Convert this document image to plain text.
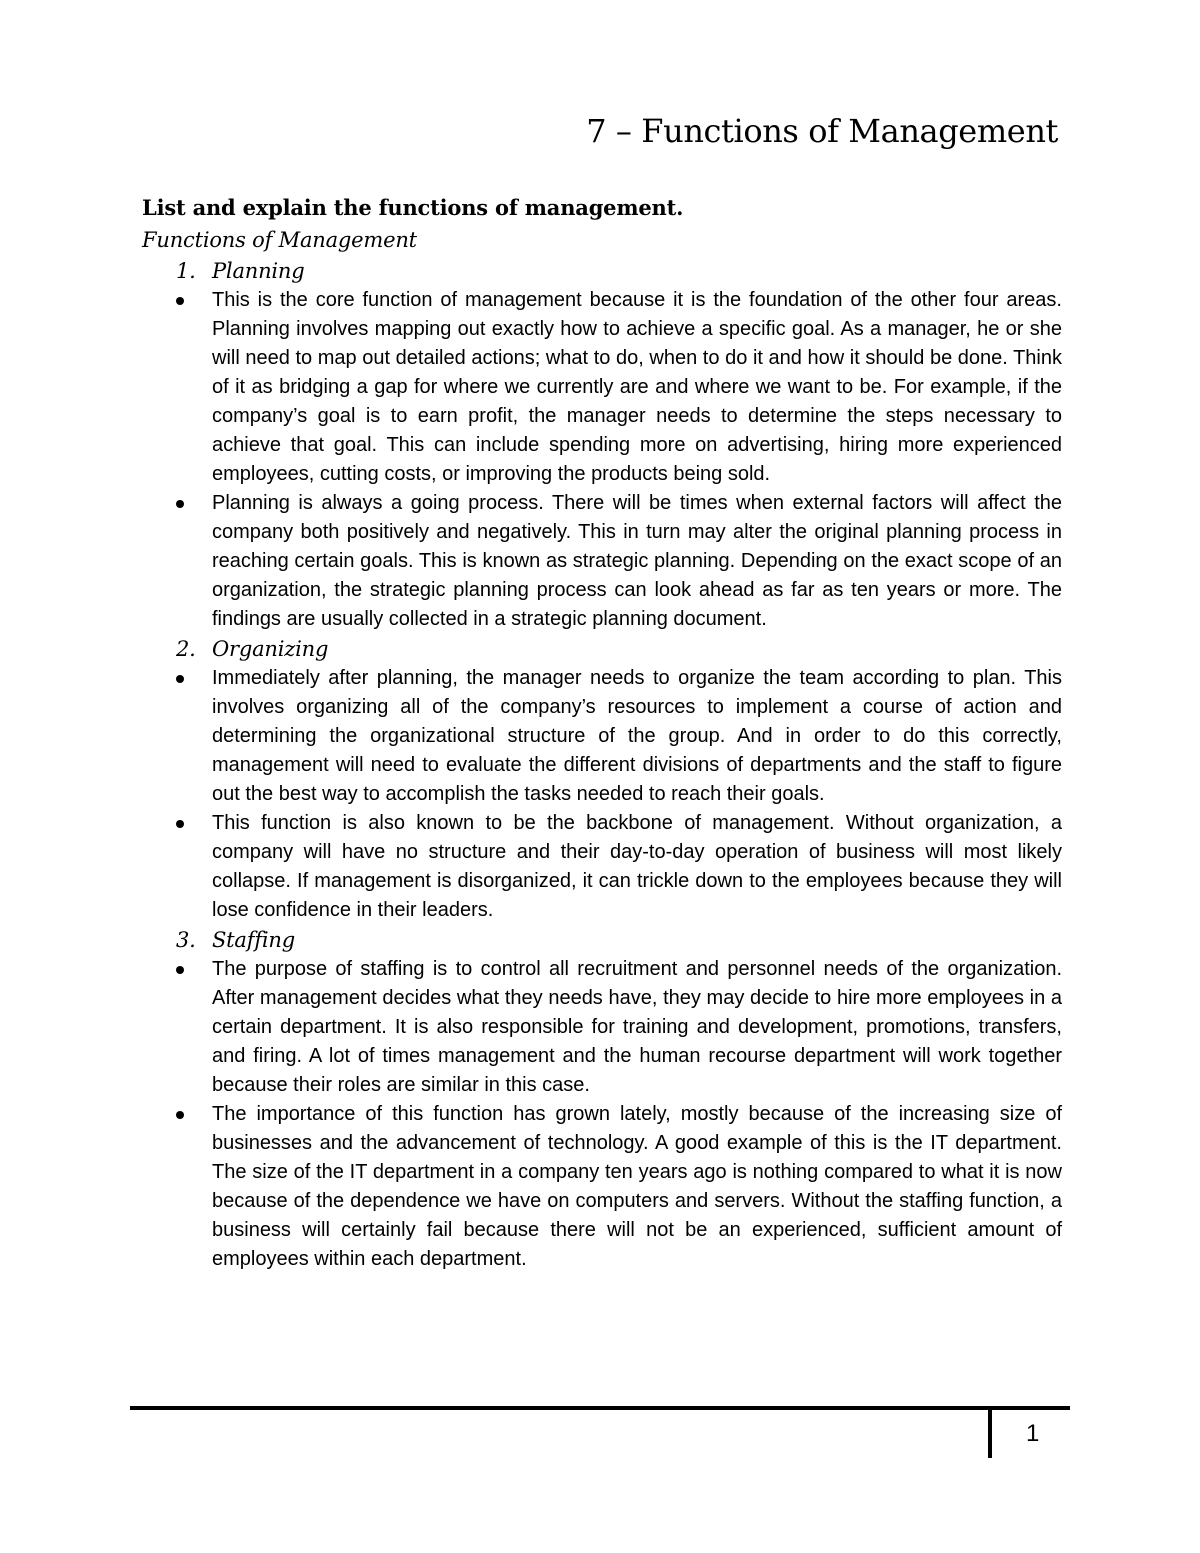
7 – Functions of Management
List and explain the functions of management.
Functions of Management
1. Planning
This is the core function of management because it is the foundation of the other four areas. Planning involves mapping out exactly how to achieve a specific goal. As a manager, he or she will need to map out detailed actions; what to do, when to do it and how it should be done. Think of it as bridging a gap for where we currently are and where we want to be. For example, if the company’s goal is to earn profit, the manager needs to determine the steps necessary to achieve that goal. This can include spending more on advertising, hiring more experienced employees, cutting costs, or improving the products being sold.
Planning is always a going process. There will be times when external factors will affect the company both positively and negatively. This in turn may alter the original planning process in reaching certain goals. This is known as strategic planning. Depending on the exact scope of an organization, the strategic planning process can look ahead as far as ten years or more. The findings are usually collected in a strategic planning document.
2. Organizing
Immediately after planning, the manager needs to organize the team according to plan. This involves organizing all of the company’s resources to implement a course of action and determining the organizational structure of the group. And in order to do this correctly, management will need to evaluate the different divisions of departments and the staff to figure out the best way to accomplish the tasks needed to reach their goals.
This function is also known to be the backbone of management. Without organization, a company will have no structure and their day-to-day operation of business will most likely collapse. If management is disorganized, it can trickle down to the employees because they will lose confidence in their leaders.
3. Staffing
The purpose of staffing is to control all recruitment and personnel needs of the organization. After management decides what they needs have, they may decide to hire more employees in a certain department. It is also responsible for training and development, promotions, transfers, and firing. A lot of times management and the human recourse department will work together because their roles are similar in this case.
The importance of this function has grown lately, mostly because of the increasing size of businesses and the advancement of technology. A good example of this is the IT department. The size of the IT department in a company ten years ago is nothing compared to what it is now because of the dependence we have on computers and servers. Without the staffing function, a business will certainly fail because there will not be an experienced, sufficient amount of employees within each department.
1
